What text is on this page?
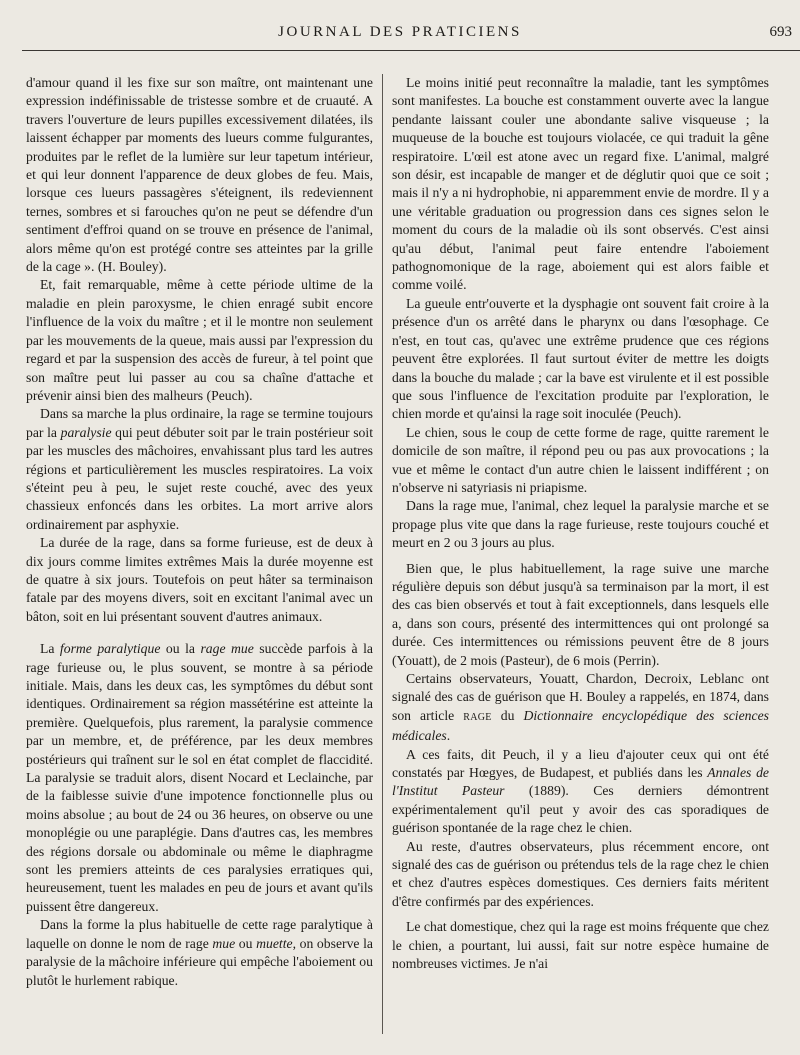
JOURNAL DES PRATICIENS	693

d'amour quand il les fixe sur son maître, ont maintenant une expression indéfinissable de tristesse sombre et de cruauté. A travers l'ouverture de leurs pupilles excessivement dilatées, ils laissent échapper par moments des lueurs comme fulgurantes, produites par le reflet de la lumière sur leur tapetum intérieur, et qui leur donnent l'apparence de deux globes de feu. Mais, lorsque ces lueurs passagères s'éteignent, ils redeviennent ternes, sombres et si farouches qu'on ne peut se défendre d'un sentiment d'effroi quand on se trouve en présence de l'animal, alors même qu'on est protégé contre ses atteintes par la grille de la cage ». (H. Bouley).

Et, fait remarquable, même à cette période ultime de la maladie en plein paroxysme, le chien enragé subit encore l'influence de la voix du maître ; et il le montre non seulement par les mouvements de la queue, mais aussi par l'expression du regard et par la suspension des accès de fureur, à tel point que son maître peut lui passer au cou sa chaîne d'attache et prévenir ainsi bien des malheurs (Peuch).

Dans sa marche la plus ordinaire, la rage se termine toujours par la paralysie qui peut débuter soit par le train postérieur soit par les muscles des mâchoires, envahissant plus tard les autres régions et particulièrement les muscles respiratoires. La voix s'éteint peu à peu, le sujet reste couché, avec des yeux chassieux enfoncés dans les orbites. La mort arrive alors ordinairement par asphyxie.

La durée de la rage, dans sa forme furieuse, est de deux à dix jours comme limites extrêmes Mais la durée moyenne est de quatre à six jours. Toutefois on peut hâter sa terminaison fatale par des moyens divers, soit en excitant l'animal avec un bâton, soit en lui présentant souvent d'autres animaux.

La forme paralytique ou la rage mue succède parfois à la rage furieuse ou, le plus souvent, se montre à sa période initiale. Mais, dans les deux cas, les symptômes du début sont identiques. Ordinairement sa région massétérine est atteinte la première. Quelquefois, plus rarement, la paralysie commence par un membre, et, de préférence, par les deux membres postérieurs qui traînent sur le sol en état complet de flaccidité. La paralysie se traduit alors, disent Nocard et Leclainche, par de la faiblesse suivie d'une impotence fonctionnelle plus ou moins absolue ; au bout de 24 ou 36 heures, on observe ou une monoplégie ou une paraplégie. Dans d'autres cas, les membres des régions dorsale ou abdominale ou même le diaphragme sont les premiers atteints de ces paralysies erratiques qui, heureusement, tuent les malades en peu de jours et avant qu'ils puissent être dangereux.

Dans la forme la plus habituelle de cette rage paralytique à laquelle on donne le nom de rage mue ou muette, on observe la paralysie de la mâchoire inférieure qui empêche l'aboiement ou plutôt le hurlement rabique.

Le moins initié peut reconnaître la maladie, tant les symptômes sont manifestes. La bouche est constamment ouverte avec la langue pendante laissant couler une abondante salive visqueuse ; la muqueuse de la bouche est toujours violacée, ce qui traduit la gêne respiratoire. L'œil est atone avec un regard fixe. L'animal, malgré son désir, est incapable de manger et de déglutir quoi que ce soit ; mais il n'y a ni hydrophobie, ni apparemment envie de mordre. Il y a une véritable graduation ou progression dans ces signes selon le moment du cours de la maladie où ils sont observés. C'est ainsi qu'au début, l'animal peut faire entendre l'aboiement pathognomonique de la rage, aboiement qui est alors faible et comme voilé.

La gueule entr'ouverte et la dysphagie ont souvent fait croire à la présence d'un os arrêté dans le pharynx ou dans l'œsophage. Ce n'est, en tout cas, qu'avec une extrême prudence que ces régions peuvent être explorées. Il faut surtout éviter de mettre les doigts dans la bouche du malade ; car la bave est virulente et il est possible que sous l'influence de l'excitation produite par l'exploration, le chien morde et qu'ainsi la rage soit inoculée (Peuch).

Le chien, sous le coup de cette forme de rage, quitte rarement le domicile de son maître, il répond peu ou pas aux provocations ; la vue et même le contact d'un autre chien le laissent indifférent ; on n'observe ni satyriasis ni priapisme.

Dans la rage mue, l'animal, chez lequel la paralysie marche et se propage plus vite que dans la rage furieuse, reste toujours couché et meurt en 2 ou 3 jours au plus.

Bien que, le plus habituellement, la rage suive une marche régulière depuis son début jusqu'à sa terminaison par la mort, il est des cas bien observés et tout à fait exceptionnels, dans lesquels elle a, dans son cours, présenté des intermittences qui ont prolongé sa durée. Ces intermittences ou rémissions peuvent être de 8 jours (Youatt), de 2 mois (Pasteur), de 6 mois (Perrin).

Certains observateurs, Youatt, Chardon, Decroix, Leblanc ont signalé des cas de guérison que H. Bouley a rappelés, en 1874, dans son article RAGE du Dictionnaire encyclopédique des sciences médicales.

A ces faits, dit Peuch, il y a lieu d'ajouter ceux qui ont été constatés par Hœgyes, de Budapest, et publiés dans les Annales de l'Institut Pasteur (1889). Ces derniers démontrent expérimentalement qu'il peut y avoir des cas sporadiques de guérison spontanée de la rage chez le chien.

Au reste, d'autres observateurs, plus récemment encore, ont signalé des cas de guérison ou prétendus tels de la rage chez le chien et chez d'autres espèces domestiques. Ces derniers faits méritent d'être confirmés par des expériences.

Le chat domestique, chez qui la rage est moins fréquente que chez le chien, a pourtant, lui aussi, fait sur notre espèce humaine de nombreuses victimes. Je n'ai
